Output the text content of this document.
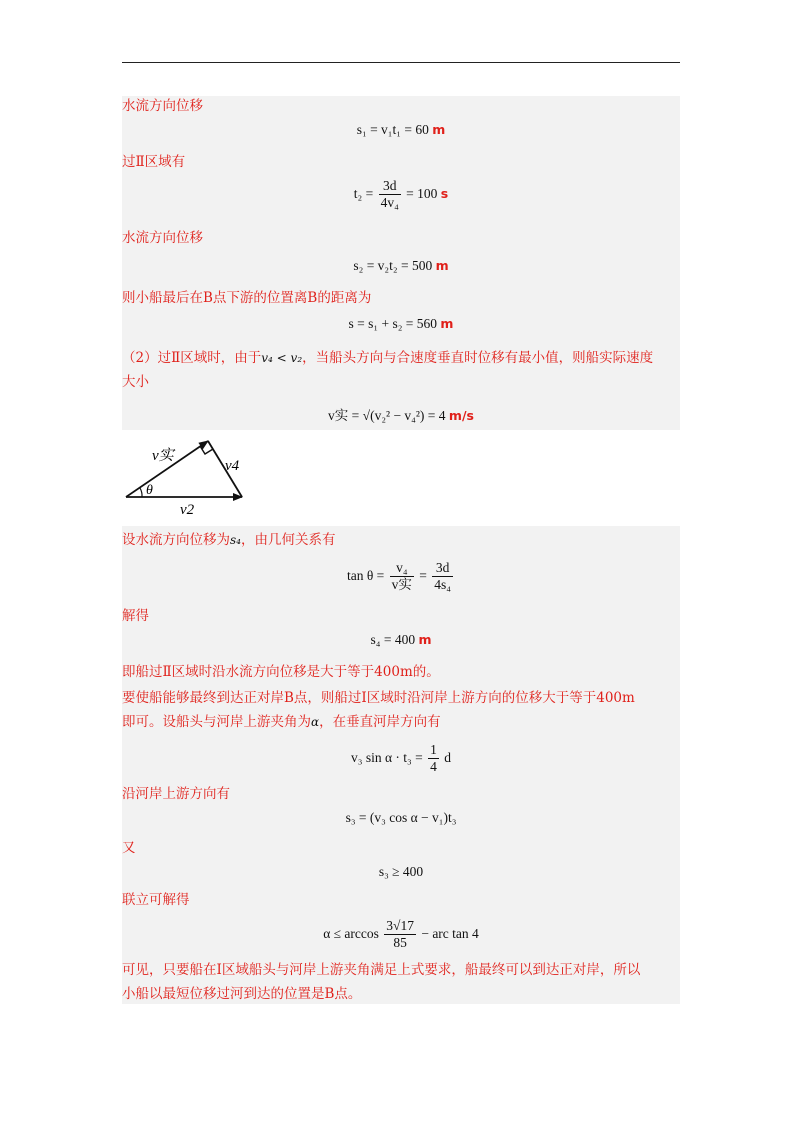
水流方向位移
s₁ = v₁t₁ = 60 m
过Ⅱ区域有
$t_2 = \frac{3d}{\text{4v₄}} = 100$ s
水流方向位移
s₂ = v₂t₂ = 500 m
则小船最后在B点下游的位置离B的距离为
s = s₁ + s₂ = 560 m
（2）过Ⅱ区域时，由于v₄ < v₂，当船头方向与合速度垂直时位移有最小值，则船实际速度
大小
v实 = √(v₂² − v₄²) = 4 m/s
v实
v4
θ
v2
设水流方向位移为s₄，由几何关系有
$\tan \theta = \frac{\text{v₄}}{\text{v实}} = \frac{3d}{\text{4s₄}}$
解得
s₄ = 400 m
即船过Ⅱ区域时沿水流方向位移是大于等于400m的。
要使船能够最终到达正对岸B点，则船过Ⅰ区域时沿河岸上游方向的位移大于等于400m
即可。设船头与河岸上游夹角为α，在垂直河岸方向有
v₃ $\sin \alpha \cdot t_3 = \frac{1}{4}$ d
沿河岸上游方向有
s₃ = (v₃ cos α − v₁)t₃
又
s₃ ≥ 400
联立可解得
$\alpha \le \arccos \frac{3√17}{85}$ − arc tan 4
可见，只要船在Ⅰ区域船头与河岸上游夹角满足上式要求，船最终可以到达正对岸，所以
小船以最短位移过河到达的位置是B点。
